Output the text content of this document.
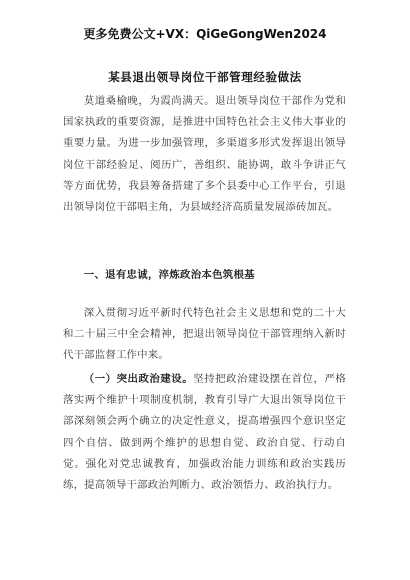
更多免费公文+VX：QiGeGongWen2024
某县退出领导岗位干部管理经验做法

莫道桑榆晚，为霞尚满天。退出领导岗位干部作为党和国家执政的重要资源，是推进中国特色社会主义伟大事业的重要力量。为进一步加强管理，多渠道多形式发挥退出领导岗位干部经验足、阅历广，善组织、能协调，敢斗争讲正气等方面优势，我县筹备搭建了多个县委中心工作平台，引退出领导岗位干部唱主角，为县域经济高质量发展添砖加瓦。

一、退有忠诚，淬炼政治本色筑根基

深入贯彻习近平新时代特色社会主义思想和党的二十大和二十届三中全会精神，把退出领导岗位干部管理纳入新时代干部监督工作中来。

（一）突出政治建设。坚持把政治建设摆在首位，严格落实两个维护十项制度机制，教育引导广大退出领导岗位干部深刻领会两个确立的决定性意义，提高增强四个意识坚定四个自信、做到两个维护的思想自觉、政治自觉、行动自觉。强化对党忠诚教育，加强政治能力训练和政治实践历练，提高领导干部政治判断力、政治领悟力、政治执行力。
